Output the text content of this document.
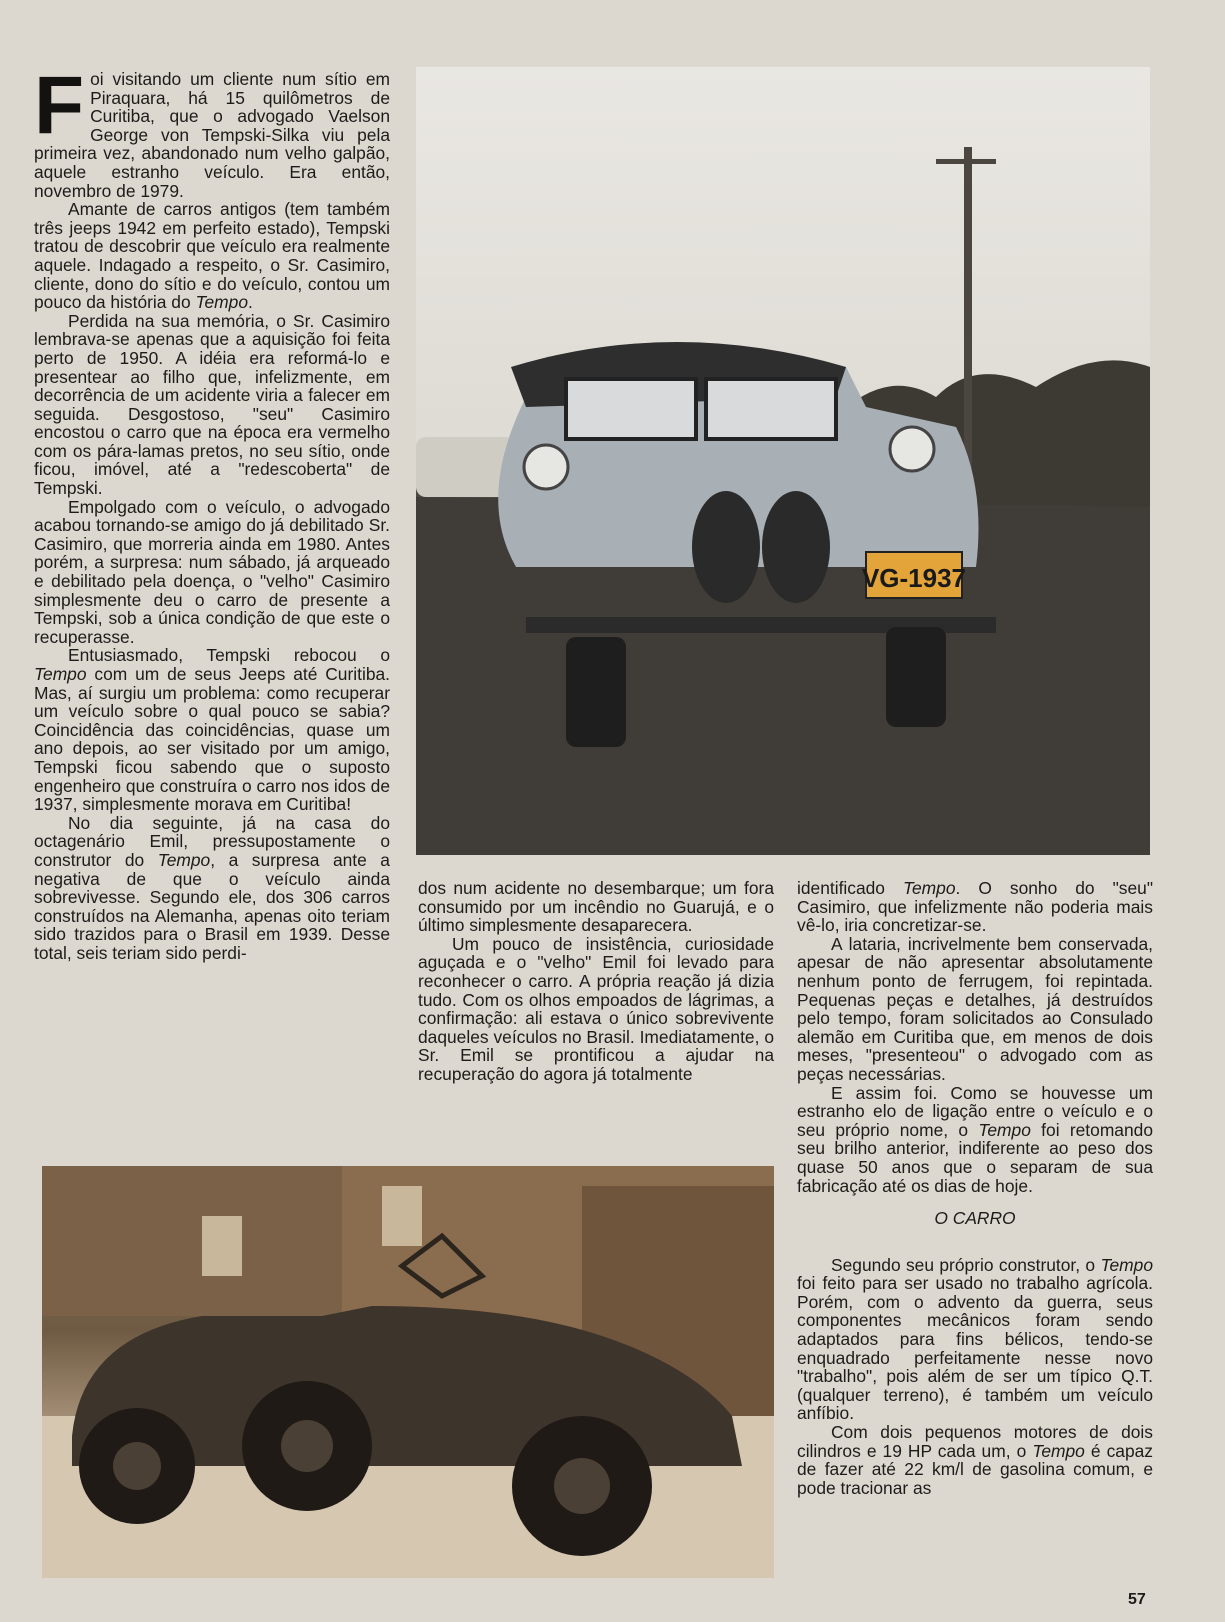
Foi visitando um cliente num sítio em Piraquara, há 15 quilômetros de Curitiba, que o advogado Vaelson George von Tempski-Silka viu pela primeira vez, abandonado num velho galpão, aquele estranho veículo. Era então, novembro de 1979.

Amante de carros antigos (tem também três jeeps 1942 em perfeito estado), Tempski tratou de descobrir que veículo era realmente aquele. Indagado a respeito, o Sr. Casimiro, cliente, dono do sítio e do veículo, contou um pouco da história do Tempo.

Perdida na sua memória, o Sr. Casimiro lembrava-se apenas que a aquisição foi feita perto de 1950. A idéia era reformá-lo e presentear ao filho que, infelizmente, em decorrência de um acidente viria a falecer em seguida. Desgostoso, "seu" Casimiro encostou o carro que na época era vermelho com os pára-lamas pretos, no seu sítio, onde ficou, imóvel, até a "redescoberta" de Tempski.

Empolgado com o veículo, o advogado acabou tornando-se amigo do já debilitado Sr. Casimiro, que morreria ainda em 1980. Antes porém, a surpresa: num sábado, já arqueado e debilitado pela doença, o "velho" Casimiro simplesmente deu o carro de presente a Tempski, sob a única condição de que este o recuperasse.

Entusiasmado, Tempski rebocou o Tempo com um de seus Jeeps até Curitiba. Mas, aí surgiu um problema: como recuperar um veículo sobre o qual pouco se sabia? Coincidência das coincidências, quase um ano depois, ao ser visitado por um amigo, Tempski ficou sabendo que o suposto engenheiro que construíra o carro nos idos de 1937, simplesmente morava em Curitiba!

No dia seguinte, já na casa do octagenário Emil, pressupostamente o construtor do Tempo, a surpresa ante a negativa de que o veículo ainda sobrevivesse. Segundo ele, dos 306 carros construídos na Alemanha, apenas oito teriam sido trazidos para o Brasil em 1939. Desse total, seis teriam sido perdi-

VG-1937

dos num acidente no desembarque; um fora consumido por um incêndio no Guarujá, e o último simplesmente desaparecera.

Um pouco de insistência, curiosidade aguçada e o "velho" Emil foi levado para reconhecer o carro. A própria reação já dizia tudo. Com os olhos empoados de lágrimas, a confirmação: ali estava o único sobrevivente daqueles veículos no Brasil. Imediatamente, o Sr. Emil se prontificou a ajudar na recuperação do agora já totalmente

identificado Tempo. O sonho do "seu" Casimiro, que infelizmente não poderia mais vê-lo, iria concretizar-se.

A lataria, incrivelmente bem conservada, apesar de não apresentar absolutamente nenhum ponto de ferrugem, foi repintada. Pequenas peças e detalhes, já destruídos pelo tempo, foram solicitados ao Consulado alemão em Curitiba que, em menos de dois meses, "presenteou" o advogado com as peças necessárias.

E assim foi. Como se houvesse um estranho elo de ligação entre o veículo e o seu próprio nome, o Tempo foi retomando seu brilho anterior, indiferente ao peso dos quase 50 anos que o separam de sua fabricação até os dias de hoje.

O CARRO

Segundo seu próprio construtor, o Tempo foi feito para ser usado no trabalho agrícola. Porém, com o advento da guerra, seus componentes mecânicos foram sendo adaptados para fins bélicos, tendo-se enquadrado perfeitamente nesse novo "trabalho", pois além de ser um típico Q.T. (qualquer terreno), é também um veículo anfíbio.

Com dois pequenos motores de dois cilindros e 19 HP cada um, o Tempo é capaz de fazer até 22 km/l de gasolina comum, e pode tracionar as

57
